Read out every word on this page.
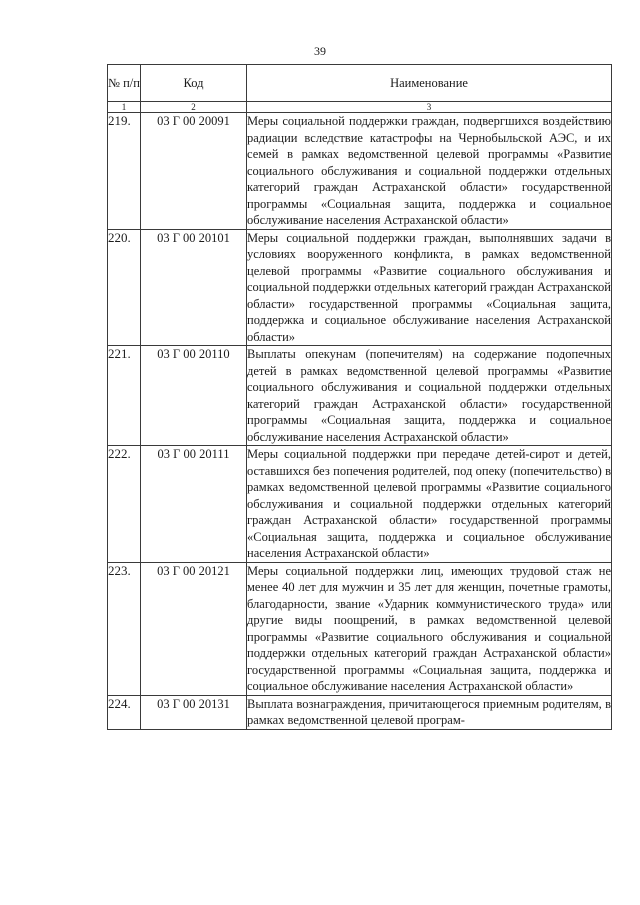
39
№ п/п	Код	Наименование
1	2	3
219.	03 Г 00 20091	Меры социальной поддержки граждан, подвергшихся воздействию радиации вследствие катастрофы на Чернобыльской АЭС, и их семей в рамках ведомственной целевой программы «Развитие социального обслуживания и социальной поддержки отдельных категорий граждан Астраханской области» государственной программы «Социальная защита, поддержка и социальное обслуживание населения Астраханской области»
220.	03 Г 00 20101	Меры социальной поддержки граждан, выполнявших задачи в условиях вооруженного конфликта, в рамках ведомственной целевой программы «Развитие социального обслуживания и социальной поддержки отдельных категорий граждан Астраханской области» государственной программы «Социальная защита, поддержка и социальное обслуживание населения Астраханской области»
221.	03 Г 00 20110	Выплаты опекунам (попечителям) на содержание подопечных детей в рамках ведомственной целевой программы «Развитие социального обслуживания и социальной поддержки отдельных категорий граждан Астраханской области» государственной программы «Социальная защита, поддержка и социальное обслуживание населения Астраханской области»
222.	03 Г 00 20111	Меры социальной поддержки при передаче детей-сирот и детей, оставшихся без попечения родителей, под опеку (попечительство) в рамках ведомственной целевой программы «Развитие социального обслуживания и социальной поддержки отдельных категорий граждан Астраханской области» государственной программы «Социальная защита, поддержка и социальное обслуживание населения Астраханской области»
223.	03 Г 00 20121	Меры социальной поддержки лиц, имеющих трудовой стаж не менее 40 лет для мужчин и 35 лет для женщин, почетные грамоты, благодарности, звание «Ударник коммунистического труда» или другие виды поощрений, в рамках ведомственной целевой программы «Развитие социального обслуживания и социальной поддержки отдельных категорий граждан Астраханской области» государственной программы «Социальная защита, поддержка и социальное обслуживание населения Астраханской области»
224.	03 Г 00 20131	Выплата вознаграждения, причитающегося приемным родителям, в рамках ведомственной целевой програм-
